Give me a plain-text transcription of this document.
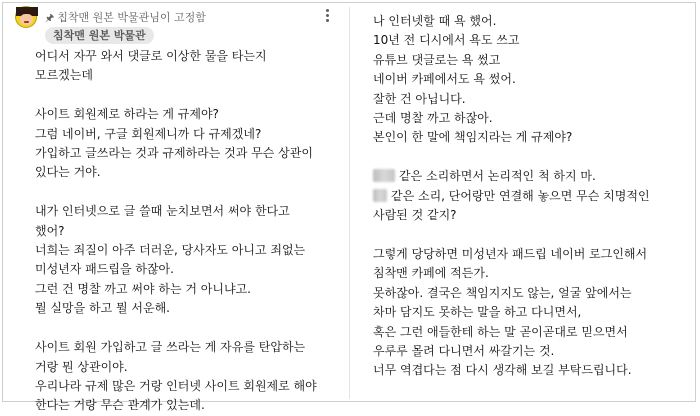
🖈 칩착맨 원본 박물관님이 고정함
침착맨 원본 박물관
어디서 자꾸 와서 댓글로 이상한 물을 타는지
모르겠는데

사이트 회원제로 하라는 게 규제야?
그럼 네이버, 구글 회원제니까 다 규제겠네?
가입하고 글쓰라는 것과 규제하라는 것과 무슨 상관이
있다는 거야.

내가 인터넷으로 글 쓸때 눈치보면서 써야 한다고
했어?
너희는 죄질이 아주 더러운, 당사자도 아니고 죄없는
미성년자 패드립을 하잖아.
그런 건 명찰 까고 써야 하는 거 아니냐고.
뭘 실망을 하고 뭘 서운해.

사이트 회원 가입하고 글 쓰라는 게 자유를 탄압하는
거랑 뭔 상관이야.
우리나라 규제 많은 거랑 인터넷 사이트 회원제로 해야
한다는 거랑 무슨 관계가 있는데.
나 인터넷할 때 욕 했어.
10년 전 디시에서 욕도 쓰고
유튜브 댓글로는 욕 썼고
네이버 카페에서도 욕 썼어.
잘한 건 아닙니다.
근데 명찰 까고 하잖아.
본인이 한 말에 책임지라는 게 규제야?

같은 소리하면서 논리적인 척 하지 마.
같은 소리, 단어랑만 연결해 놓으면 무슨 치명적인
사람된 것 같지?

그렇게 당당하면 미성년자 패드립 네이버 로그인해서
침착맨 카페에 적든가.
못하잖아. 결국은 책임지지도 않는, 얼굴 앞에서는
차마 담지도 못하는 말을 하고 다니면서,
혹은 그런 애들한테 하는 말 곧이곧대로 믿으면서
우루루 몰려 다니면서 싸갈기는 것.
너무 역겹다는 점 다시 생각해 보길 부탁드립니다.
